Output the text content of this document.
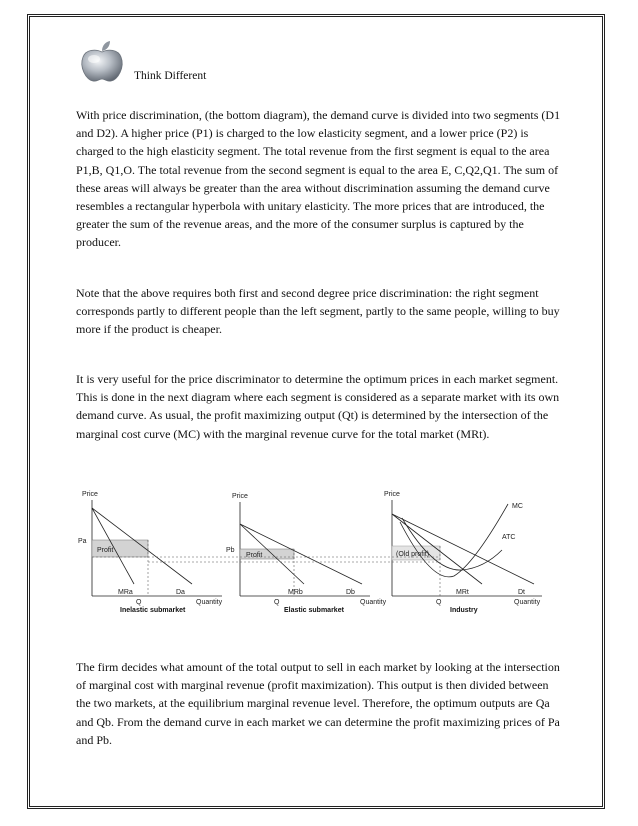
Think Different

With price discrimination, (the bottom diagram), the demand curve is divided into two segments (D1 and D2). A higher price (P1) is charged to the low elasticity segment, and a lower price (P2) is charged to the high elasticity segment. The total revenue from the first segment is equal to the area P1,B, Q1,O. The total revenue from the second segment is equal to the area E, C,Q2,Q1. The sum of these areas will always be greater than the area without discrimination assuming the demand curve resembles a rectangular hyperbola with unitary elasticity. The more prices that are introduced, the greater the sum of the revenue areas, and the more of the consumer surplus is captured by the producer.

Note that the above requires both first and second degree price discrimination: the right segment corresponds partly to different people than the left segment, partly to the same people, willing to buy more if the product is cheaper.

It is very useful for the price discriminator to determine the optimum prices in each market segment. This is done in the next diagram where each segment is considered as a separate market with its own demand curve. As usual, the profit maximizing output (Qt) is determined by the intersection of the marginal cost curve (MC) with the marginal revenue curve for the total market (MRt).

Price
Profit
Pa
Q
MRa	Da
Quantity
Inelastic submarket
Price
Profit
Pb
Q
MRb	Db
Quantity
Elastic submarket
Price
(Old profit)
MC
ATC
MRt	Dt
Q	Quantity
Industry

The firm decides what amount of the total output to sell in each market by looking at the intersection of marginal cost with marginal revenue (profit maximization). This output is then divided between the two markets, at the equilibrium marginal revenue level. Therefore, the optimum outputs are Qa and Qb. From the demand curve in each market we can determine the profit maximizing prices of Pa and Pb.
